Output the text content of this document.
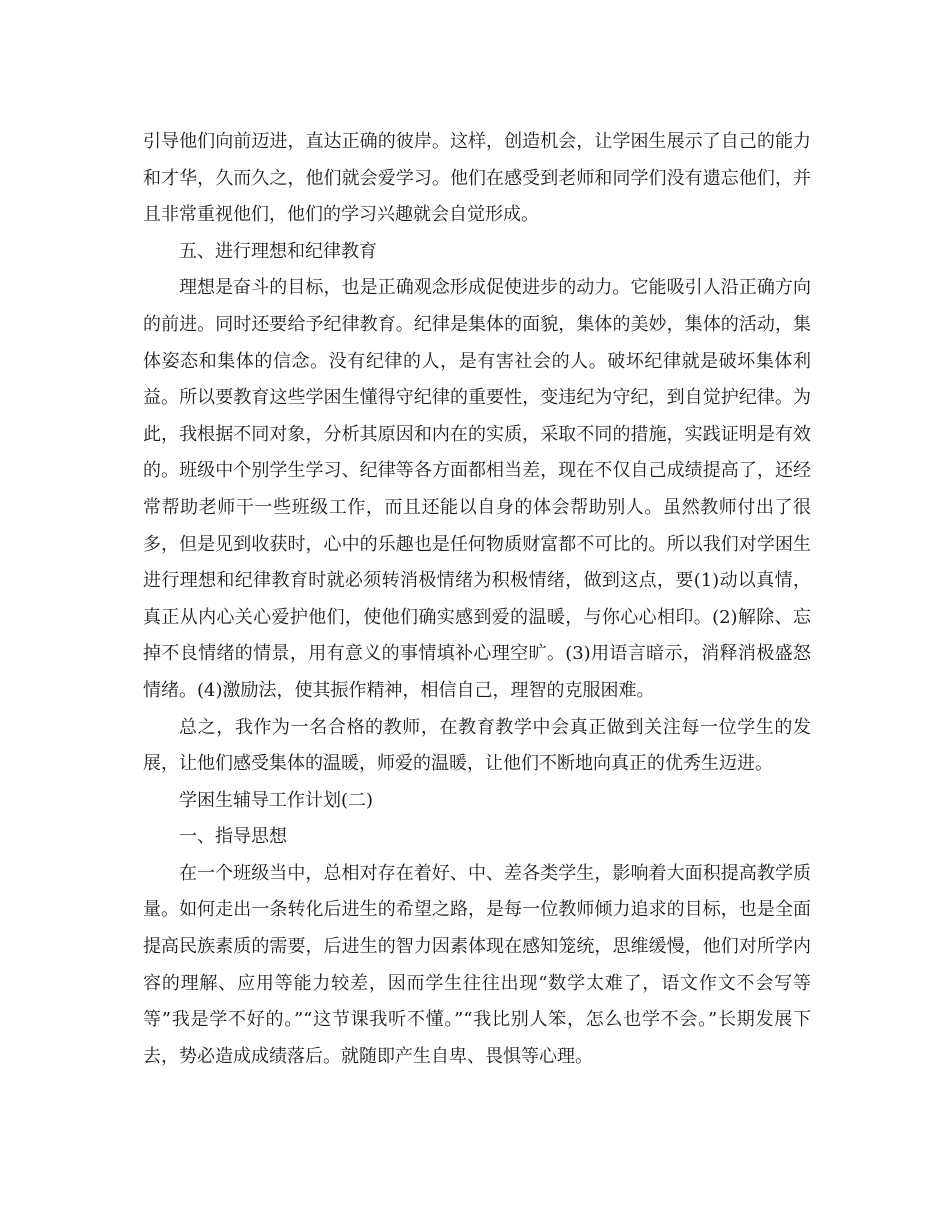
引导他们向前迈进，直达正确的彼岸。这样，创造机会，让学困生展示了自己的能力和才华，久而久之，他们就会爱学习。他们在感受到老师和同学们没有遗忘他们，并且非常重视他们，他们的学习兴趣就会自觉形成。

五、进行理想和纪律教育

理想是奋斗的目标，也是正确观念形成促使进步的动力。它能吸引人沿正确方向的前进。同时还要给予纪律教育。纪律是集体的面貌，集体的美妙，集体的活动，集体姿态和集体的信念。没有纪律的人，是有害社会的人。破坏纪律就是破坏集体利益。所以要教育这些学困生懂得守纪律的重要性，变违纪为守纪，到自觉护纪律。为此，我根据不同对象，分析其原因和内在的实质，采取不同的措施，实践证明是有效的。班级中个别学生学习、纪律等各方面都相当差，现在不仅自己成绩提高了，还经常帮助老师干一些班级工作，而且还能以自身的体会帮助别人。虽然教师付出了很多，但是见到收获时，心中的乐趣也是任何物质财富都不可比的。所以我们对学困生进行理想和纪律教育时就必须转消极情绪为积极情绪，做到这点，要(1)动以真情，真正从内心关心爱护他们，使他们确实感到爱的温暖，与你心心相印。(2)解除、忘掉不良情绪的情景，用有意义的事情填补心理空旷。(3)用语言暗示，消释消极盛怒情绪。(4)激励法，使其振作精神，相信自己，理智的克服困难。

总之，我作为一名合格的教师，在教育教学中会真正做到关注每一位学生的发展，让他们感受集体的温暖，师爱的温暖，让他们不断地向真正的优秀生迈进。

学困生辅导工作计划(二)

一、指导思想

在一个班级当中，总相对存在着好、中、差各类学生，影响着大面积提高教学质量。如何走出一条转化后进生的希望之路，是每一位教师倾力追求的目标，也是全面提高民族素质的需要，后进生的智力因素体现在感知笼统，思维缓慢，他们对所学内容的理解、应用等能力较差，因而学生往往出现“数学太难了，语文作文不会写等等”我是学不好的。”“这节课我听不懂。”“我比别人笨，怎么也学不会。”长期发展下去，势必造成成绩落后。就随即产生自卑、畏惧等心理。
